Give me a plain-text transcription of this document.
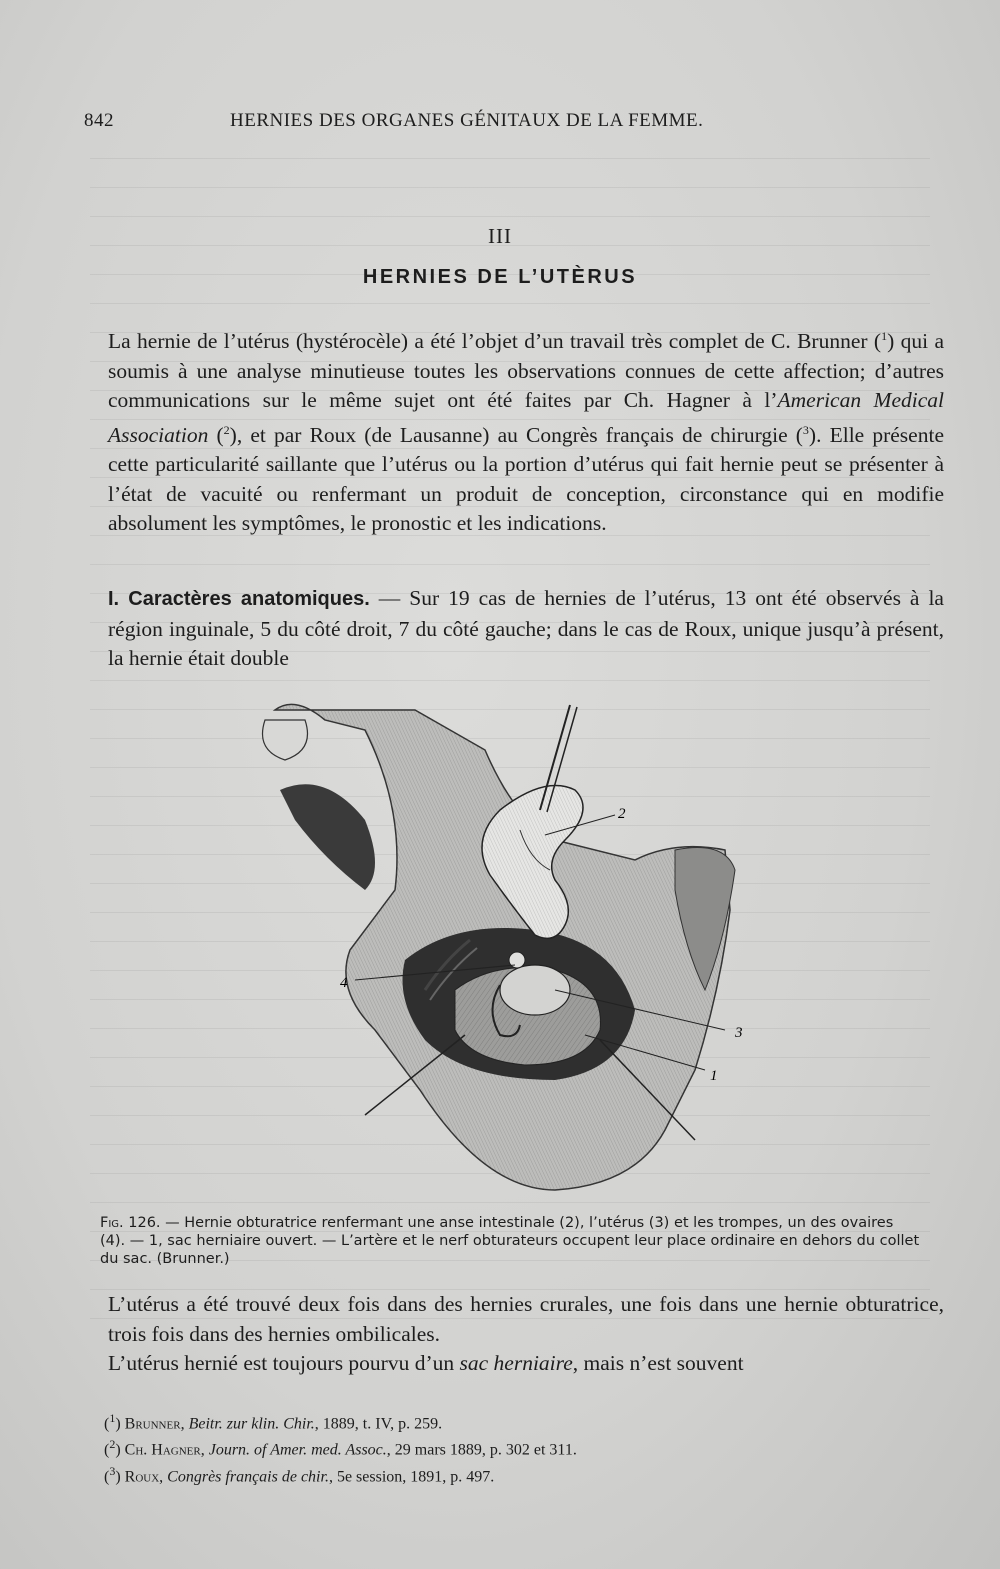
842	HERNIES DES ORGANES GÉNITAUX DE LA FEMME.
III
HERNIES DE L’UTÈRUS

La hernie de l’utérus (hystérocèle) a été l’objet d’un travail très complet de C. Brunner ($^1$) qui a soumis à une analyse minutieuse toutes les observations connues de cette affection; d’autres communications sur le même sujet ont été faites par Ch. Hagner à l’American Medical Association ($^2$), et par Roux (de Lausanne) au Congrès français de chirurgie ($^3$). Elle présente cette particularité saillante que l’utérus ou la portion d’utérus qui fait hernie peut se présenter à l’état de vacuité ou renfermant un produit de conception, circonstance qui en modifie absolument les symptômes, le pronostic et les indications.

I. Caractères anatomiques. — Sur 19 cas de hernies de l’utérus, 13 ont été observés à la région inguinale, 5 du côté droit, 7 du côté gauche; dans le cas de Roux, unique jusqu’à présent, la hernie était double

2
4
3
1
Fig. 126. — Hernie obturatrice renfermant une anse intestinale (2), l’utérus (3) et les trompes, un des ovaires (4). — 1, sac herniaire ouvert. — L’artère et le nerf obturateurs occupent leur place ordinaire en dehors du collet du sac. (Brunner.)

L’utérus a été trouvé deux fois dans des hernies crurales, une fois dans une hernie obturatrice, trois fois dans des hernies ombilicales.

L’utérus hernié est toujours pourvu d’un sac herniaire, mais n’est souvent

($^1$) Brunner, Beitr. zur klin. Chir., 1889, t. IV, p. 259.
($^2$) Ch. Hagner, Journ. of Amer. med. Assoc., 29 mars 1889, p. 302 et 311.
($^3$) Roux, Congrès français de chir., 5e session, 1891, p. 497.
